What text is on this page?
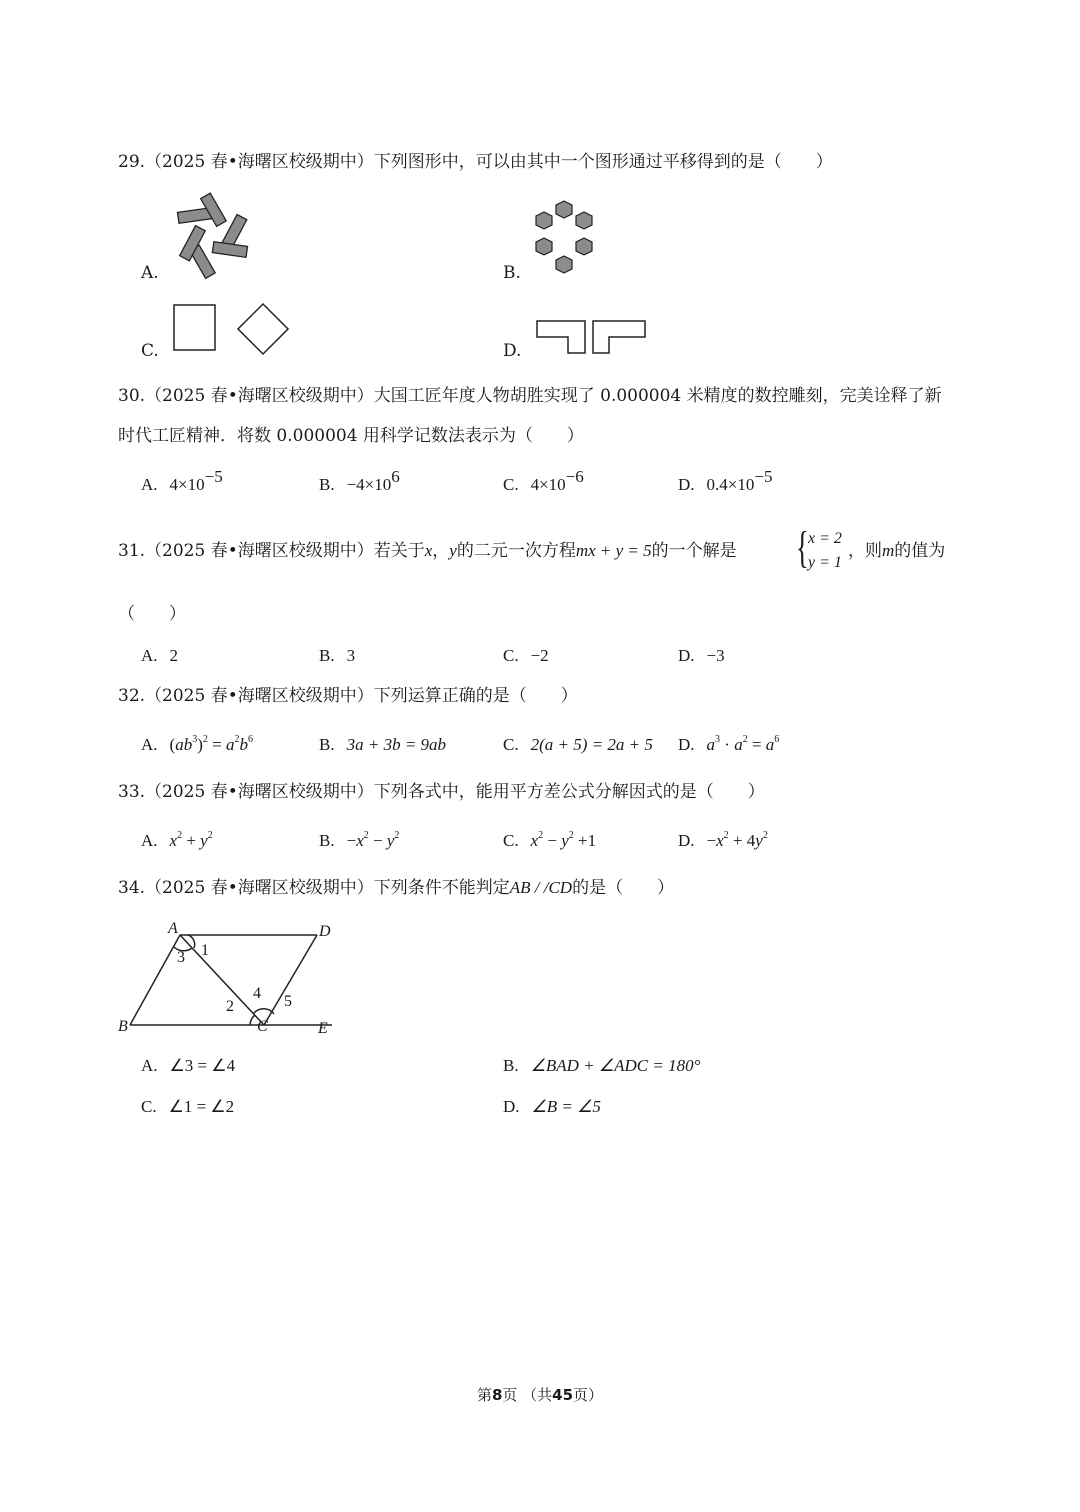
29.（2025 春•海曙区校级期中）下列图形中，可以由其中一个图形通过平移得到的是（　　）
A.	B.
C.	D.
30.（2025 春•海曙区校级期中）大国工匠年度人物胡胜实现了 0.000004 米精度的数控雕刻，完美诠释了新
时代工匠精神．将数 0.000004 用科学记数法表示为（　　）
A. $4\times 10^{-5}$	B. $-4\times 10^6$	C. $4\times 10^{-6}$	D. $0.4\times 10^{-5}$
31.（2025 春•海曙区校级期中）若关于x，y的二元一次方程mx + y = 5的一个解是 { x = 2
y = 1
，则m的值为
（　　）
A. 2	B. 3	C. −2	D. −3
32.（2025 春•海曙区校级期中）下列运算正确的是（　　）
A. $(ab^3)^2 = a^2b^6$	B. 3a + 3b = 9ab	C. 2(a + 5) = 2a + 5 D. $a^3 \cdot a^2 = a^6$
33.（2025 春•海曙区校级期中）下列各式中，能用平方差公式分解因式的是（　　）
A. $x^2 + y^2$	B. $-x^2 - y^2$	C. $x^2 - y^2 +1$	D. $-x^2 + 4y^2$
34.（2025 春•海曙区校级期中）下列条件不能判定AB / /CD的是（　　）
A	D
B	C	E
1
3
2
4 5
A. ∠3 = ∠4	B. ∠BAD + ∠ADC = 180°
C. ∠1 = ∠2	D. ∠B = ∠5
第8页 （共45页）
